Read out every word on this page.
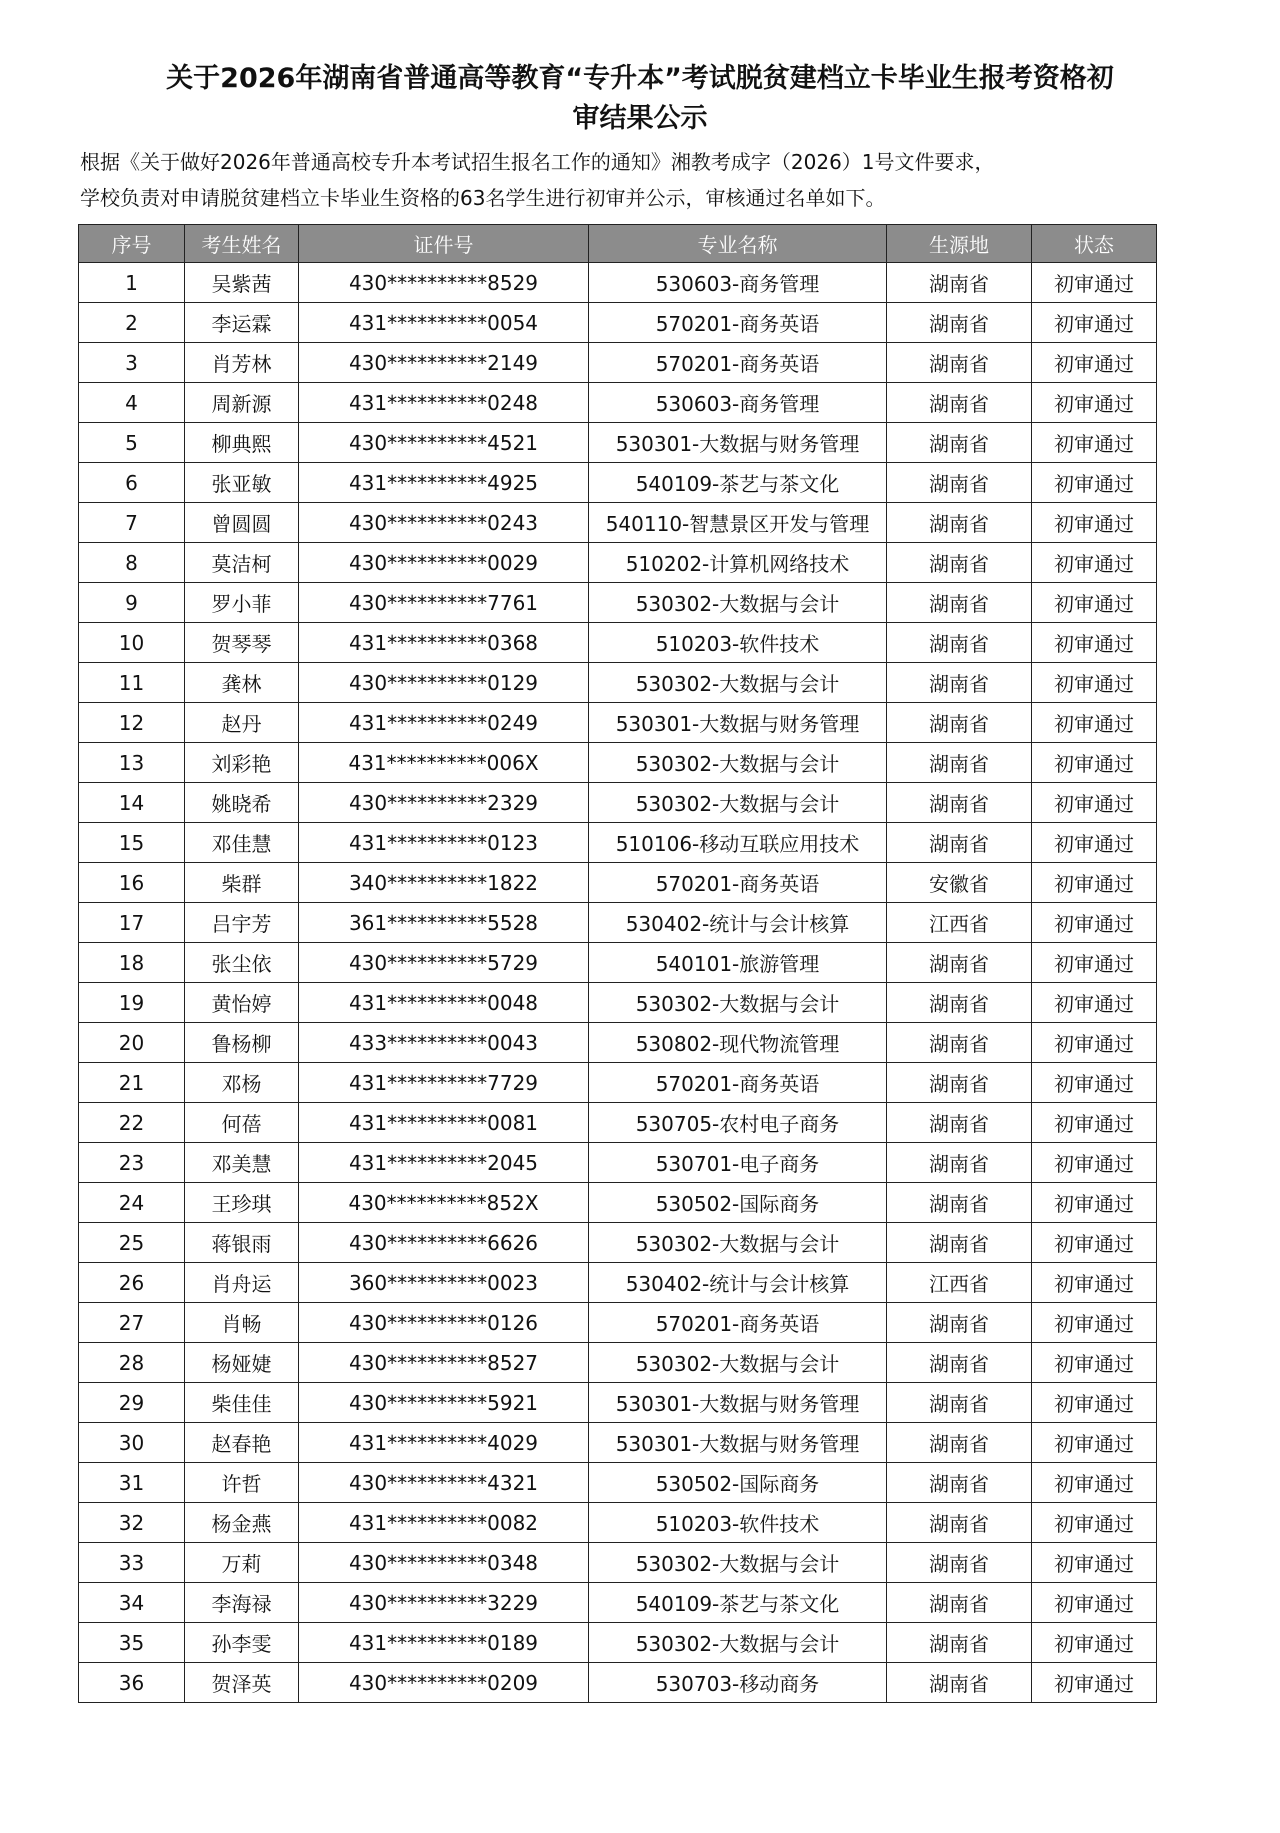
关于2026年湖南省普通高等教育“专升本”考试脱贫建档立卡毕业生报考资格初
审结果公示
根据《关于做好2026年普通高校专升本考试招生报名工作的通知》湘教考成字（2026）1号文件要求，
学校负责对申请脱贫建档立卡毕业生资格的63名学生进行初审并公示，审核通过名单如下。
序号	考生姓名	证件号	专业名称	生源地	状态
1	吴紫茜	430**********8529	530603-商务管理	湖南省	初审通过
2	李运霖	431**********0054	570201-商务英语	湖南省	初审通过
3	肖芳林	430**********2149	570201-商务英语	湖南省	初审通过
4	周新源	431**********0248	530603-商务管理	湖南省	初审通过
5	柳典熙	430**********4521	530301-大数据与财务管理	湖南省	初审通过
6	张亚敏	431**********4925	540109-茶艺与茶文化	湖南省	初审通过
7	曾圆圆	430**********0243	540110-智慧景区开发与管理	湖南省	初审通过
8	莫洁柯	430**********0029	510202-计算机网络技术	湖南省	初审通过
9	罗小菲	430**********7761	530302-大数据与会计	湖南省	初审通过
10	贺琴琴	431**********0368	510203-软件技术	湖南省	初审通过
11	龚林	430**********0129	530302-大数据与会计	湖南省	初审通过
12	赵丹	431**********0249	530301-大数据与财务管理	湖南省	初审通过
13	刘彩艳	431**********006X	530302-大数据与会计	湖南省	初审通过
14	姚晓希	430**********2329	530302-大数据与会计	湖南省	初审通过
15	邓佳慧	431**********0123	510106-移动互联应用技术	湖南省	初审通过
16	柴群	340**********1822	570201-商务英语	安徽省	初审通过
17	吕宇芳	361**********5528	530402-统计与会计核算	江西省	初审通过
18	张尘依	430**********5729	540101-旅游管理	湖南省	初审通过
19	黄怡婷	431**********0048	530302-大数据与会计	湖南省	初审通过
20	鲁杨柳	433**********0043	530802-现代物流管理	湖南省	初审通过
21	邓杨	431**********7729	570201-商务英语	湖南省	初审通过
22	何蓓	431**********0081	530705-农村电子商务	湖南省	初审通过
23	邓美慧	431**********2045	530701-电子商务	湖南省	初审通过
24	王珍琪	430**********852X	530502-国际商务	湖南省	初审通过
25	蒋银雨	430**********6626	530302-大数据与会计	湖南省	初审通过
26	肖舟运	360**********0023	530402-统计与会计核算	江西省	初审通过
27	肖畅	430**********0126	570201-商务英语	湖南省	初审通过
28	杨娅婕	430**********8527	530302-大数据与会计	湖南省	初审通过
29	柴佳佳	430**********5921	530301-大数据与财务管理	湖南省	初审通过
30	赵春艳	431**********4029	530301-大数据与财务管理	湖南省	初审通过
31	许哲	430**********4321	530502-国际商务	湖南省	初审通过
32	杨金燕	431**********0082	510203-软件技术	湖南省	初审通过
33	万莉	430**********0348	530302-大数据与会计	湖南省	初审通过
34	李海禄	430**********3229	540109-茶艺与茶文化	湖南省	初审通过
35	孙李雯	431**********0189	530302-大数据与会计	湖南省	初审通过
36	贺泽英	430**********0209	530703-移动商务	湖南省	初审通过
